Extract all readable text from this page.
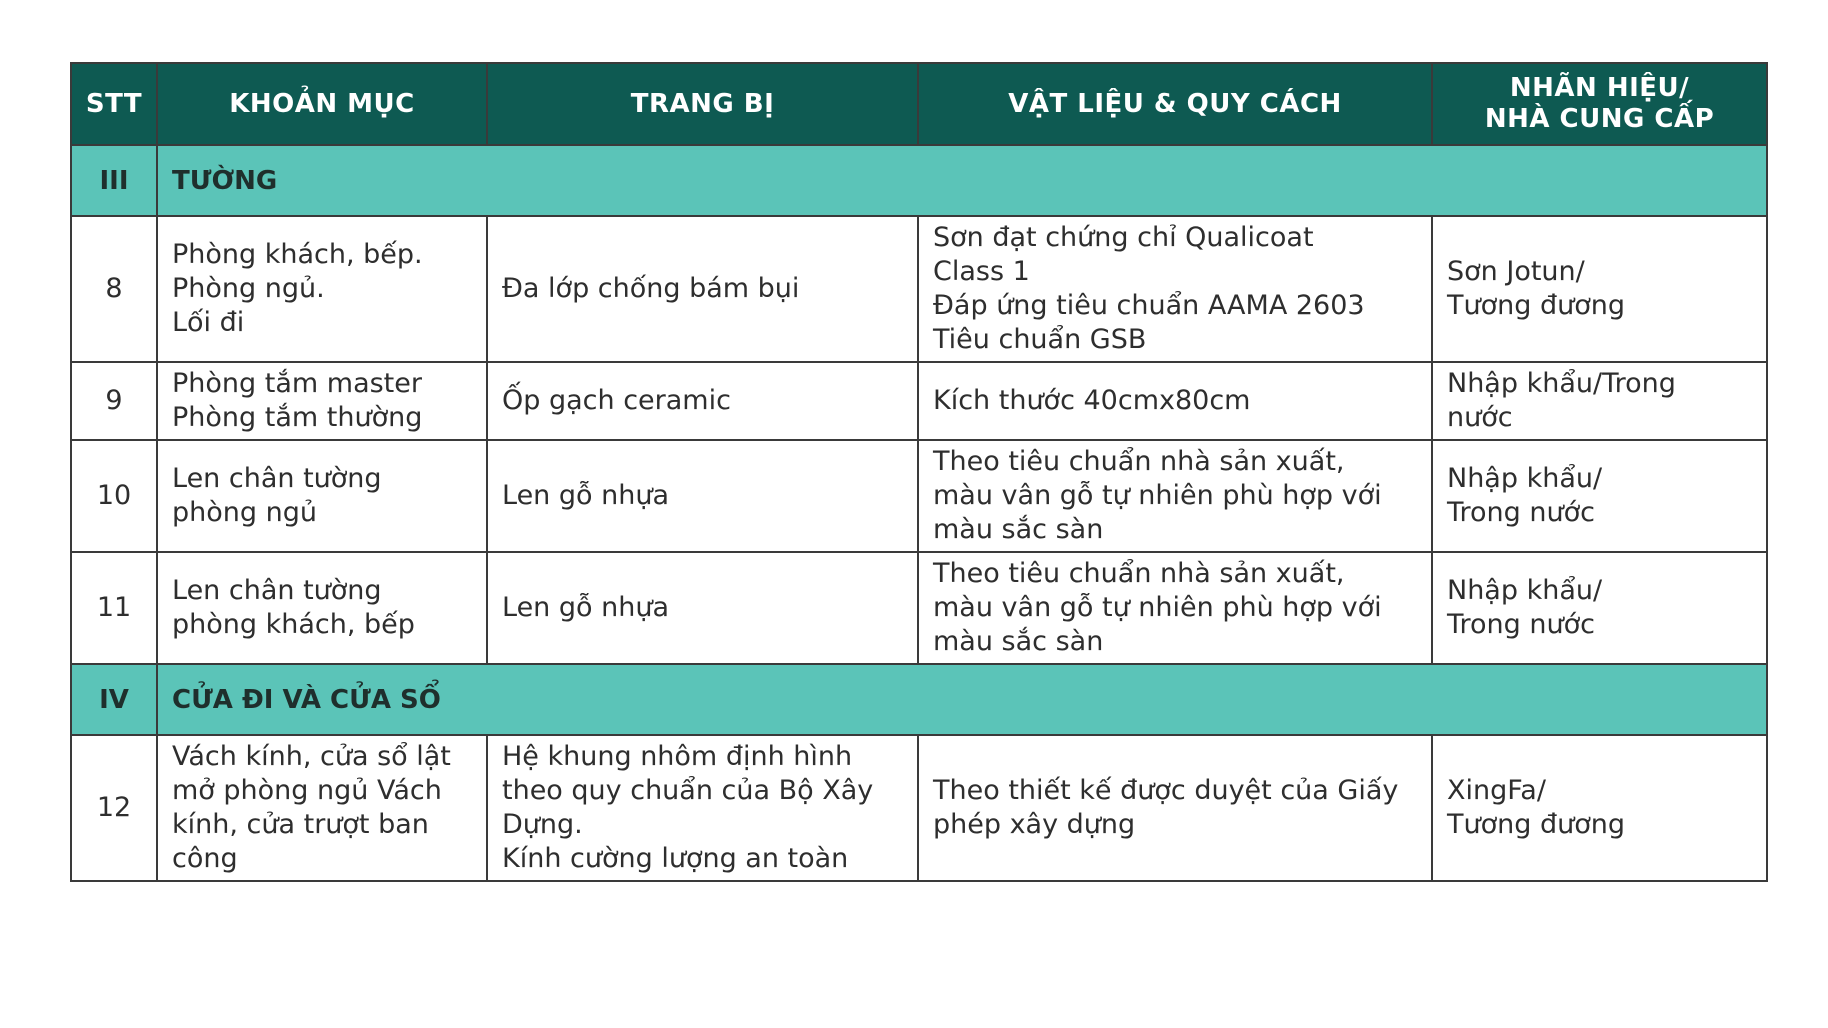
STT	KHOẢN MỤC	TRANG BỊ	VẬT LIỆU & QUY CÁCH	NHÃN HIỆU/
NHÀ CUNG CẤP

III	TƯỜNG			
8	Phòng khách, bếp.
Phòng ngủ.
Lối đi	Đa lớp chống bám bụi	Sơn đạt chứng chỉ Qualicoat
Class 1
Đáp ứng tiêu chuẩn AAMA 2603
Tiêu chuẩn GSB	Sơn Jotun/
Tương đương

9	Phòng tắm master
Phòng tắm thường	Ốp gạch ceramic	Kích thước 40cmx80cm	Nhập khẩu/Trong
nước

10	Len chân tường
phòng ngủ	Len gỗ nhựa	Theo tiêu chuẩn nhà sản xuất,
màu vân gỗ tự nhiên phù hợp với
màu sắc sàn	Nhập khẩu/
Trong nước

11	Len chân tường
phòng khách, bếp	Len gỗ nhựa	Theo tiêu chuẩn nhà sản xuất,
màu vân gỗ tự nhiên phù hợp với
màu sắc sàn	Nhập khẩu/
Trong nước

IV	CỬA ĐI VÀ CỬA SỔ			
12	Vách kính, cửa sổ lật
mở phòng ngủ Vách
kính, cửa trượt ban
công	Hệ khung nhôm định hình
theo quy chuẩn của Bộ Xây
Dựng.
Kính cường lượng an toàn	Theo thiết kế được duyệt của Giấy
phép xây dựng	XingFa/
Tương đương
